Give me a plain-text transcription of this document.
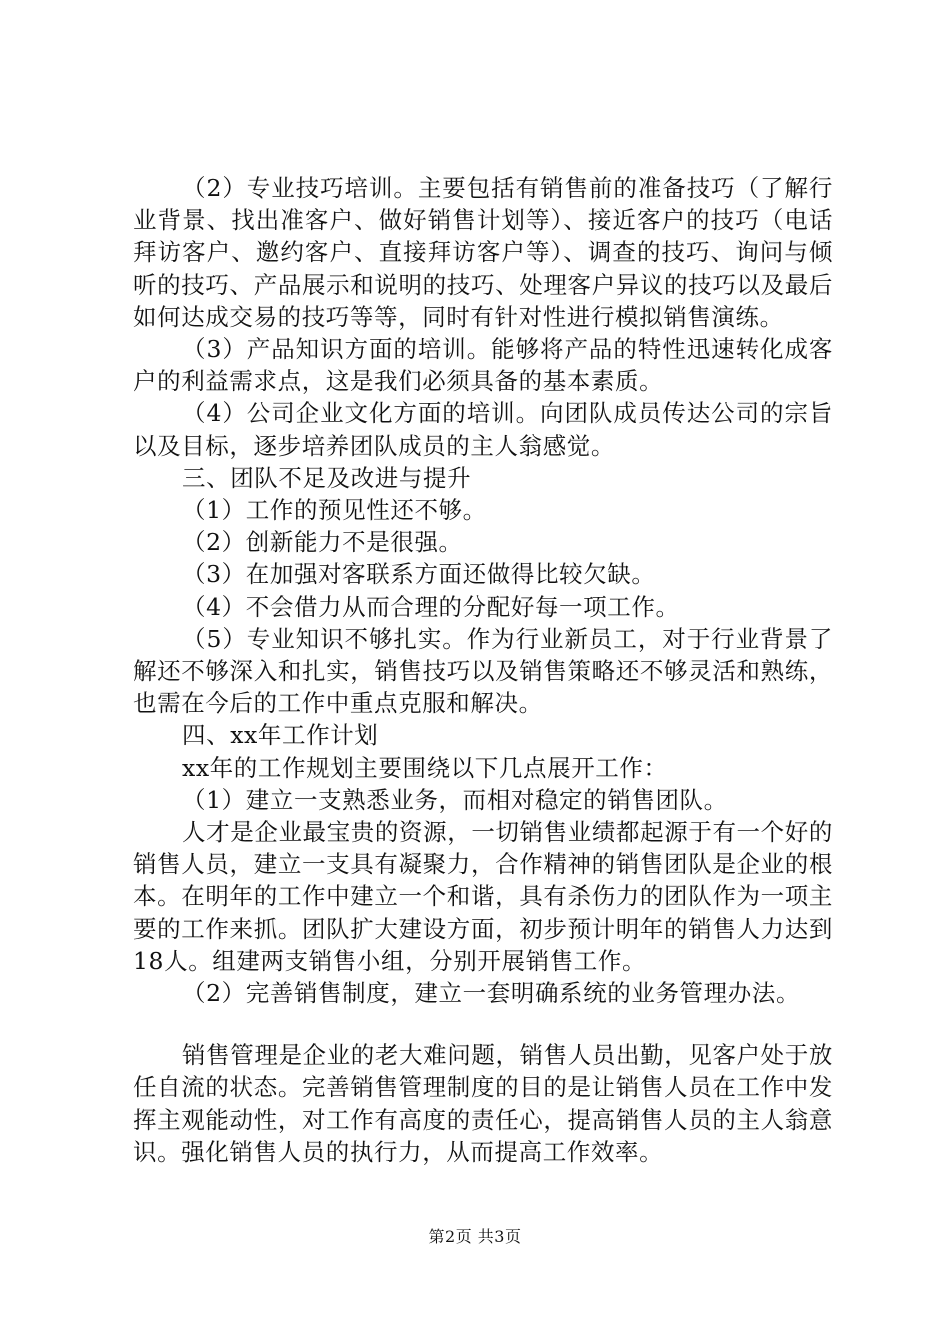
（2）专业技巧培训。主要包括有销售前的准备技巧（了解行业背景、找出准客户、做好销售计划等）、接近客户的技巧（电话拜访客户、邀约客户、直接拜访客户等）、调查的技巧、询问与倾听的技巧、产品展示和说明的技巧、处理客户异议的技巧以及最后如何达成交易的技巧等等，同时有针对性进行模拟销售演练。

（3）产品知识方面的培训。能够将产品的特性迅速转化成客户的利益需求点，这是我们必须具备的基本素质。

（4）公司企业文化方面的培训。向团队成员传达公司的宗旨以及目标，逐步培养团队成员的主人翁感觉。

三、团队不足及改进与提升

（1）工作的预见性还不够。

（2）创新能力不是很强。

（3）在加强对客联系方面还做得比较欠缺。

（4）不会借力从而合理的分配好每一项工作。

（5）专业知识不够扎实。作为行业新员工，对于行业背景了解还不够深入和扎实，销售技巧以及销售策略还不够灵活和熟练，也需在今后的工作中重点克服和解决。

四、xx年工作计划

xx年的工作规划主要围绕以下几点展开工作：

（1）建立一支熟悉业务，而相对稳定的销售团队。

人才是企业最宝贵的资源，一切销售业绩都起源于有一个好的销售人员，建立一支具有凝聚力，合作精神的销售团队是企业的根本。在明年的工作中建立一个和谐，具有杀伤力的团队作为一项主要的工作来抓。团队扩大建设方面，初步预计明年的销售人力达到18人。组建两支销售小组，分别开展销售工作。

（2）完善销售制度，建立一套明确系统的业务管理办法。

销售管理是企业的老大难问题，销售人员出勤，见客户处于放任自流的状态。完善销售管理制度的目的是让销售人员在工作中发挥主观能动性，对工作有高度的责任心，提高销售人员的主人翁意识。强化销售人员的执行力，从而提高工作效率。

第2页 共3页
